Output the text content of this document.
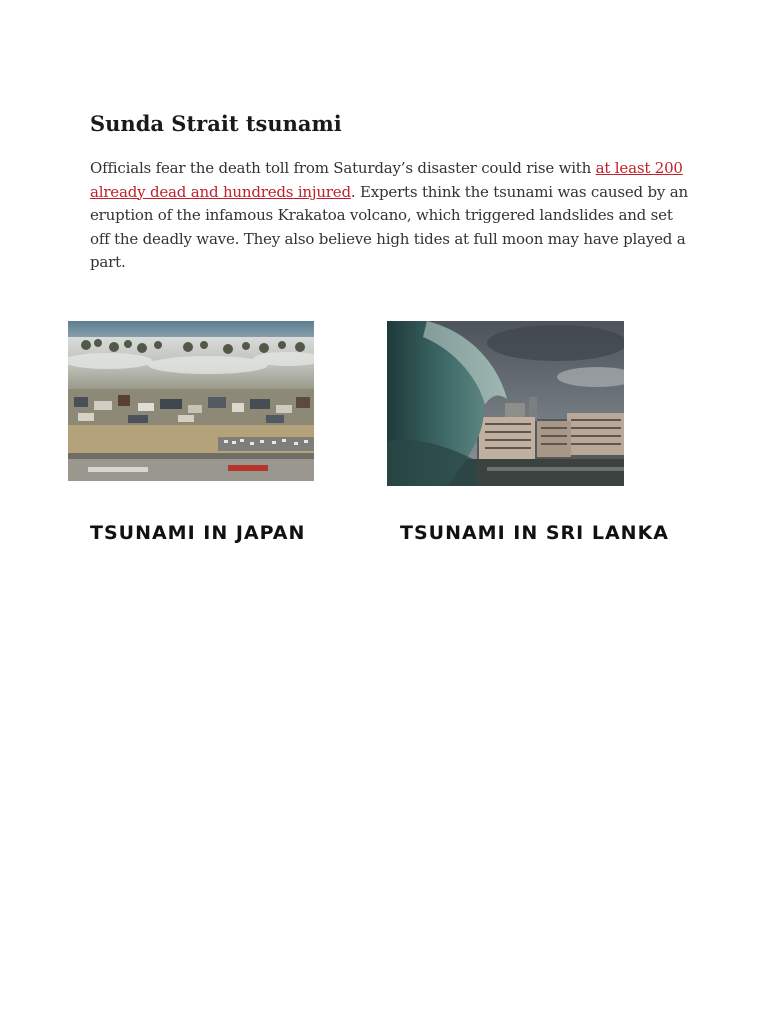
Sunda Strait tsunami

Officials fear the death toll from Saturday’s disaster could rise with at least 200 already dead and hundreds injured. Experts think the tsunami was caused by an eruption of the infamous Krakatoa volcano, which triggered landslides and set off the deadly wave. They also believe high tides at full moon may have played a part.

TSUNAMI IN JAPAN	TSUNAMI IN SRI LANKA
